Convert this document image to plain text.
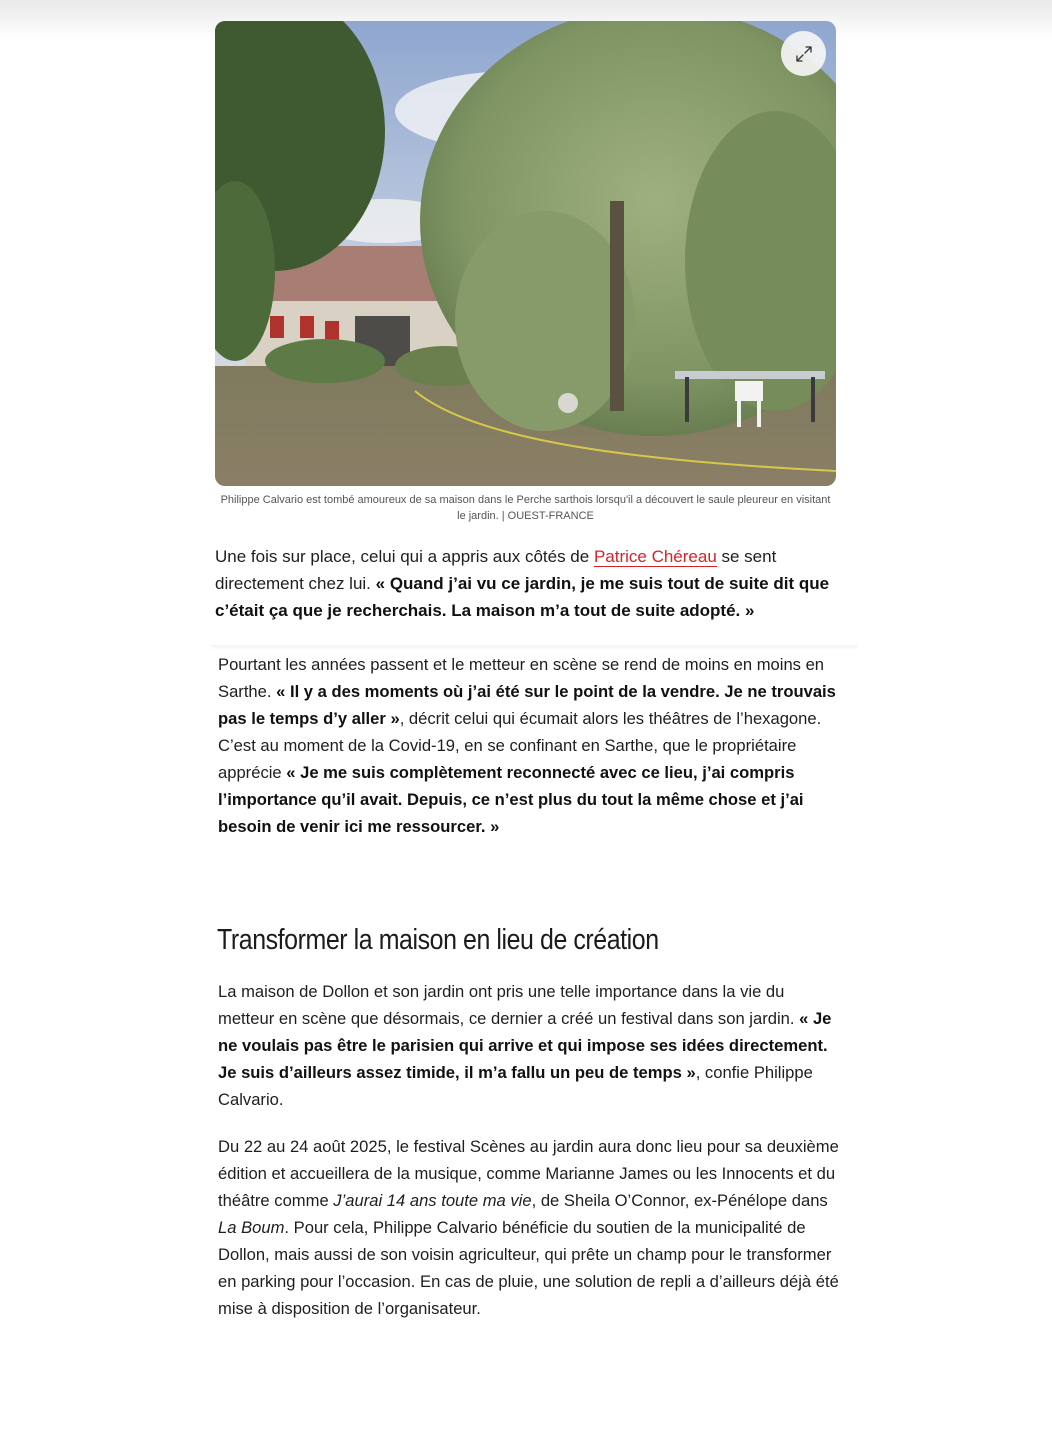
Philippe Calvario est tombé amoureux de sa maison dans le Perche sarthois lorsqu'il a découvert le saule pleureur en visitant le jardin. | OUEST-FRANCE

Une fois sur place, celui qui a appris aux côtés de Patrice Chéreau se sent directement chez lui. « Quand j’ai vu ce jardin, je me suis tout de suite dit que c’était ça que je recherchais. La maison m’a tout de suite adopté. »

Pourtant les années passent et le metteur en scène se rend de moins en moins en Sarthe. « Il y a des moments où j’ai été sur le point de la vendre. Je ne trouvais pas le temps d’y aller », décrit celui qui écumait alors les théâtres de l’hexagone. C’est au moment de la Covid-19, en se confinant en Sarthe, que le propriétaire apprécie « Je me suis complètement reconnecté avec ce lieu, j’ai compris l’importance qu’il avait. Depuis, ce n’est plus du tout la même chose et j’ai besoin de venir ici me ressourcer. »

Transformer la maison en lieu de création

La maison de Dollon et son jardin ont pris une telle importance dans la vie du metteur en scène que désormais, ce dernier a créé un festival dans son jardin. « Je ne voulais pas être le parisien qui arrive et qui impose ses idées directement. Je suis d’ailleurs assez timide, il m’a fallu un peu de temps », confie Philippe Calvario.

Du 22 au 24 août 2025, le festival Scènes au jardin aura donc lieu pour sa deuxième édition et accueillera de la musique, comme Marianne James ou les Innocents et du théâtre comme J’aurai 14 ans toute ma vie, de Sheila O’Connor, ex-Pénélope dans La Boum. Pour cela, Philippe Calvario bénéficie du soutien de la municipalité de Dollon, mais aussi de son voisin agriculteur, qui prête un champ pour le transformer en parking pour l’occasion. En cas de pluie, une solution de repli a d’ailleurs déjà été mise à disposition de l’organisateur.
